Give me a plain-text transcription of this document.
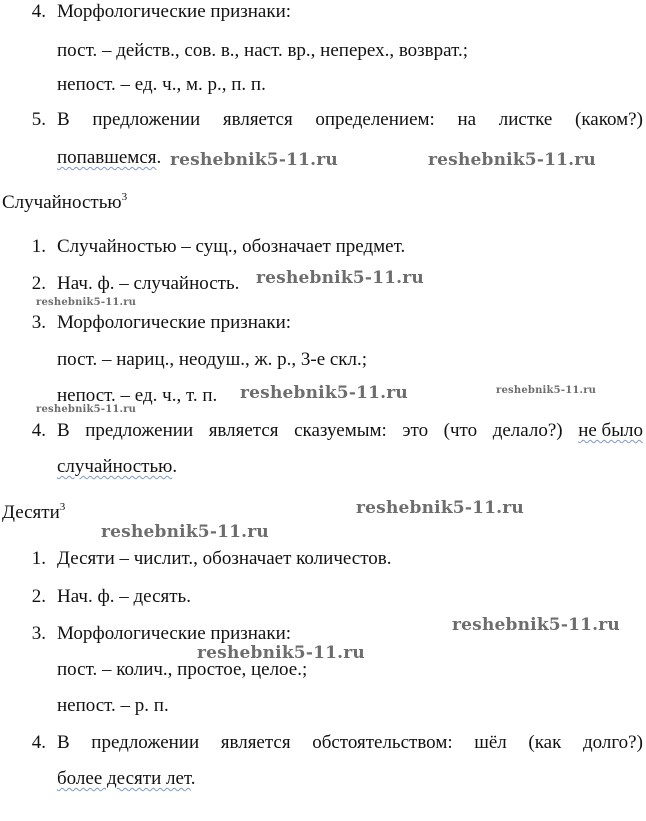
4. Морфологические признаки:
пост. – действ., сов. в., наст. вр., неперех., возврат.;
непост. – ед. ч., м. р., п. п.
5. В предложении является определением: на листке (каком?)
попавшемся.
Случайностью$^3$
1. Случайностью – сущ., обозначает предмет.
2. Нач. ф. – случайность.
3. Морфологические признаки:
пост. – нариц., неодуш., ж. р., 3-е скл.;
непост. – ед. ч., т. п.
4. В предложении является сказуемым: это (что делало?) не было
случайностью.
Десяти$^3$
1. Десяти – числит., обозначает количестов.
2. Нач. ф. – десять.
3. Морфологические признаки:
пост. – колич., простое, целое.;
непост. – р. п.
4. В предложении является обстоятельством: шёл (как долго?)
более десяти лет.
reshebnik5-11.ru	reshebnik5-11.ru
reshebnik5-11.ru
reshebnik5-11.ru
reshebnik5-11.ru	reshebnik5-11.ru
reshebnik5-11.ru
reshebnik5-11.ru
reshebnik5-11.ru
reshebnik5-11.ru
reshebnik5-11.ru
